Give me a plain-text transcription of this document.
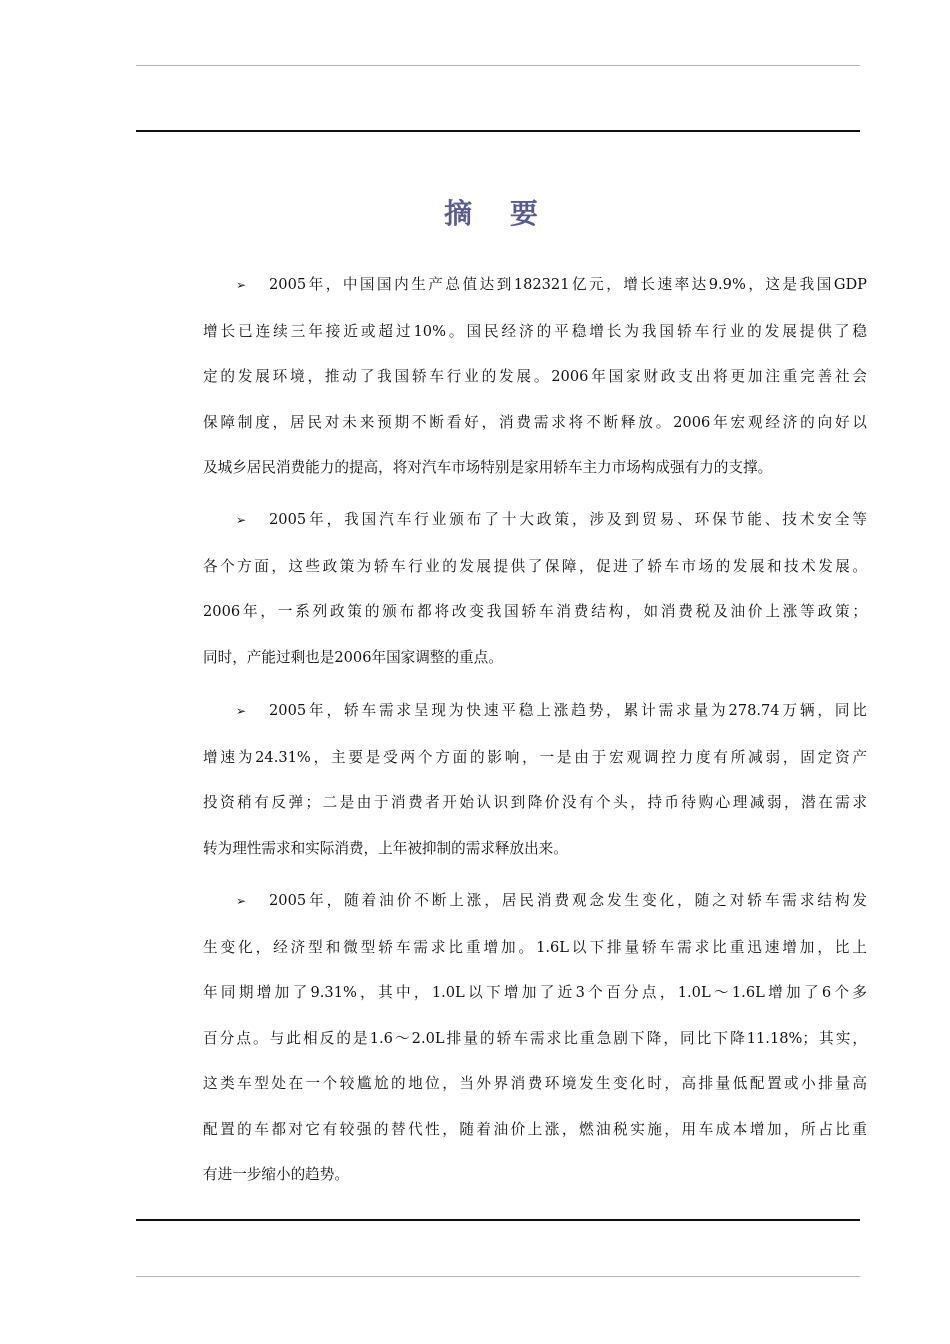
摘 要

➢ 2005年，中国国内生产总值达到182321亿元，增长速率达9.9%，这是我国GDP
增长已连续三年接近或超过10%。国民经济的平稳增长为我国轿车行业的发展提供了稳
定的发展环境，推动了我国轿车行业的发展。2006年国家财政支出将更加注重完善社会
保障制度，居民对未来预期不断看好，消费需求将不断释放。2006年宏观经济的向好以
及城乡居民消费能力的提高，将对汽车市场特别是家用轿车主力市场构成强有力的支撑。

➢ 2005年，我国汽车行业颁布了十大政策，涉及到贸易、环保节能、技术安全等
各个方面，这些政策为轿车行业的发展提供了保障，促进了轿车市场的发展和技术发展。
2006年，一系列政策的颁布都将改变我国轿车消费结构，如消费税及油价上涨等政策；
同时，产能过剩也是2006年国家调整的重点。

➢ 2005年，轿车需求呈现为快速平稳上涨趋势，累计需求量为278.74万辆，同比
增速为24.31%，主要是受两个方面的影响，一是由于宏观调控力度有所减弱，固定资产
投资稍有反弹；二是由于消费者开始认识到降价没有个头，持币待购心理减弱，潜在需求
转为理性需求和实际消费，上年被抑制的需求释放出来。

➢ 2005年，随着油价不断上涨，居民消费观念发生变化，随之对轿车需求结构发
生变化，经济型和微型轿车需求比重增加。1.6L以下排量轿车需求比重迅速增加，比上
年同期增加了9.31%，其中，1.0L以下增加了近3个百分点，1.0L～1.6L增加了6个多
百分点。与此相反的是1.6～2.0L排量的轿车需求比重急剧下降，同比下降11.18%；其实，
这类车型处在一个较尴尬的地位，当外界消费环境发生变化时，高排量低配置或小排量高
配置的车都对它有较强的替代性，随着油价上涨，燃油税实施，用车成本增加，所占比重
有进一步缩小的趋势。
